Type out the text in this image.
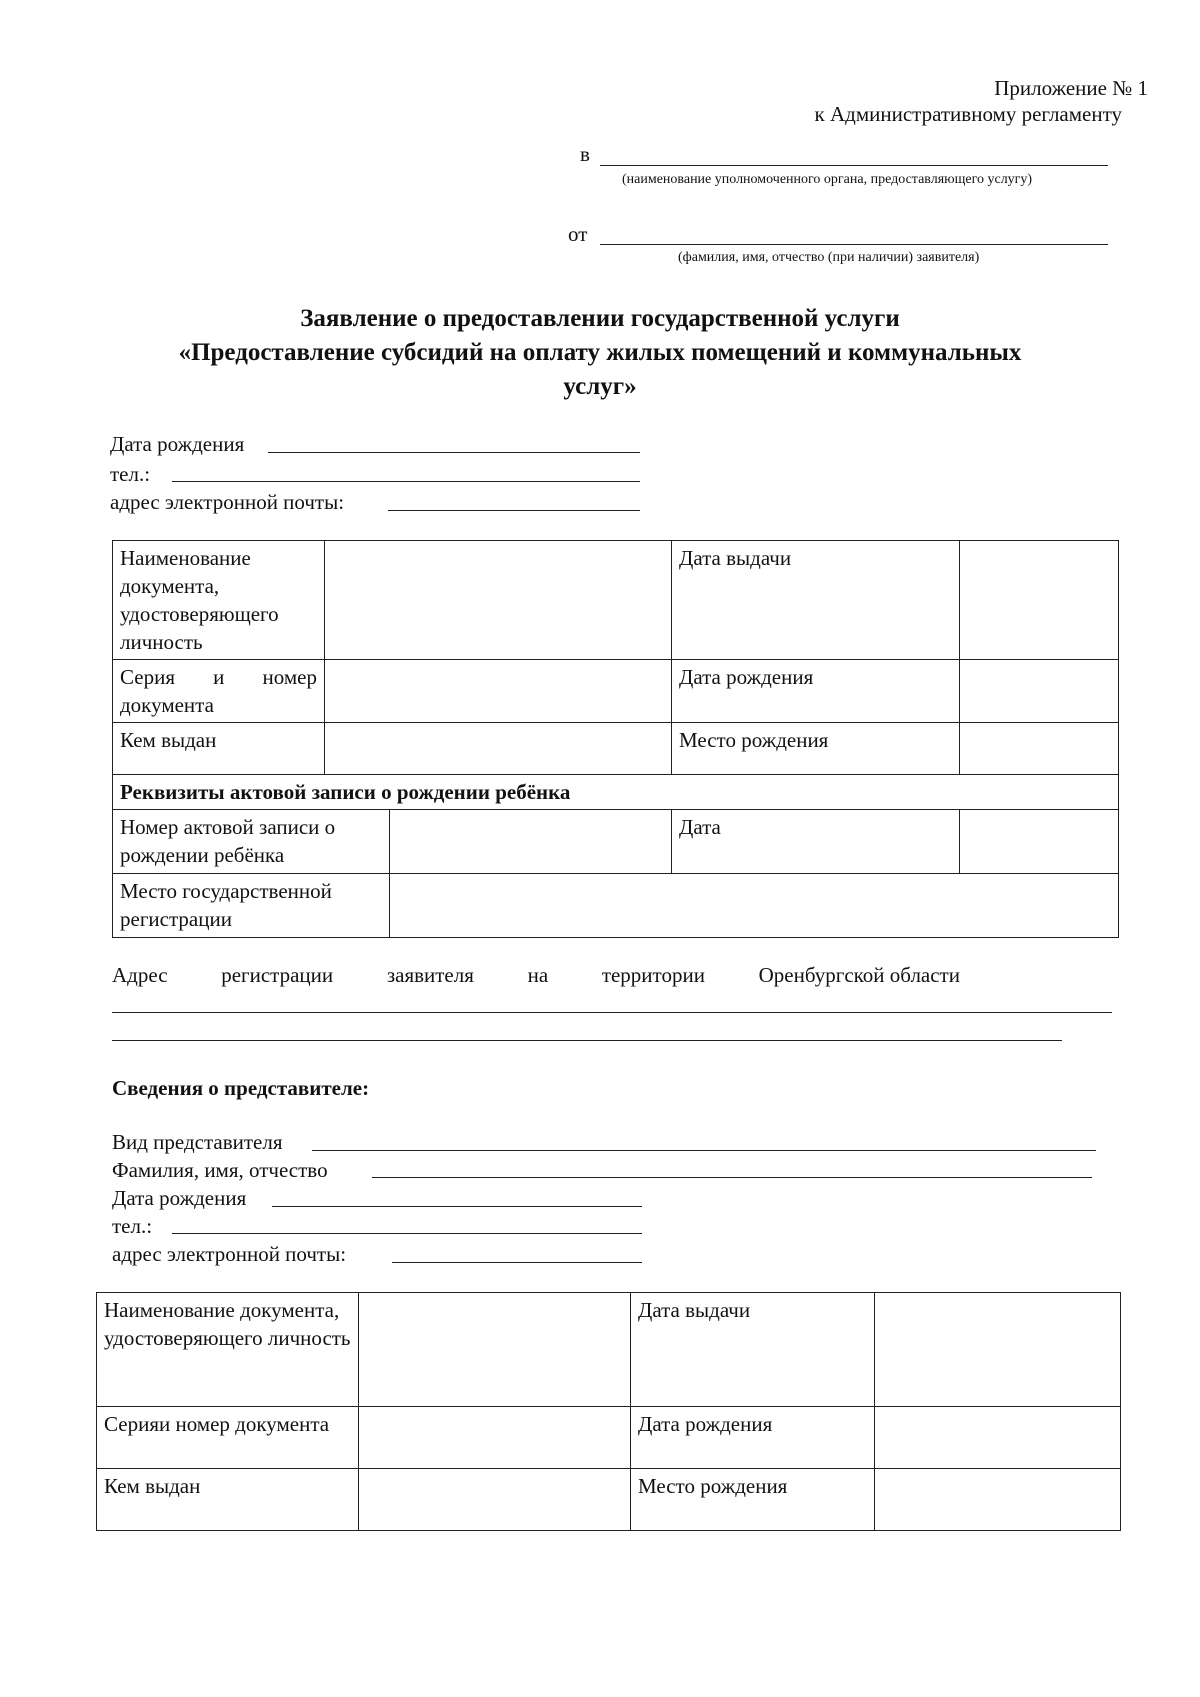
Приложение № 1
к Административному регламенту
в
(наименование уполномоченного органа, предоставляющего услугу)
от
(фамилия, имя, отчество (при наличии) заявителя)
Заявление о предоставлении государственной услуги
«Предоставление субсидий на оплату жилых помещений и коммунальных
услуг»
Дата рождения
тел.:
адрес электронной почты:
Наименование документа, удостоверяющего личность			Дата выдачи	

Серия и номер
документа			Дата рождения	
Кем выдан			Место рождения	
Реквизиты актовой записи о рождении ребёнка				
Номер актовой записи о рождении ребёнка			Дата	
Место государственной регистрации				
Адрес	регистрации	заявителя	на	территории	Оренбургской области
Сведения о представителе:
Вид представителя
Фамилия, имя, отчество
Дата рождения
тел.:
адрес электронной почты:
Наименование документа, удостоверяющего личность		Дата выдачи	
Серияи номер документа		Дата рождения	
Кем выдан		Место рождения	
